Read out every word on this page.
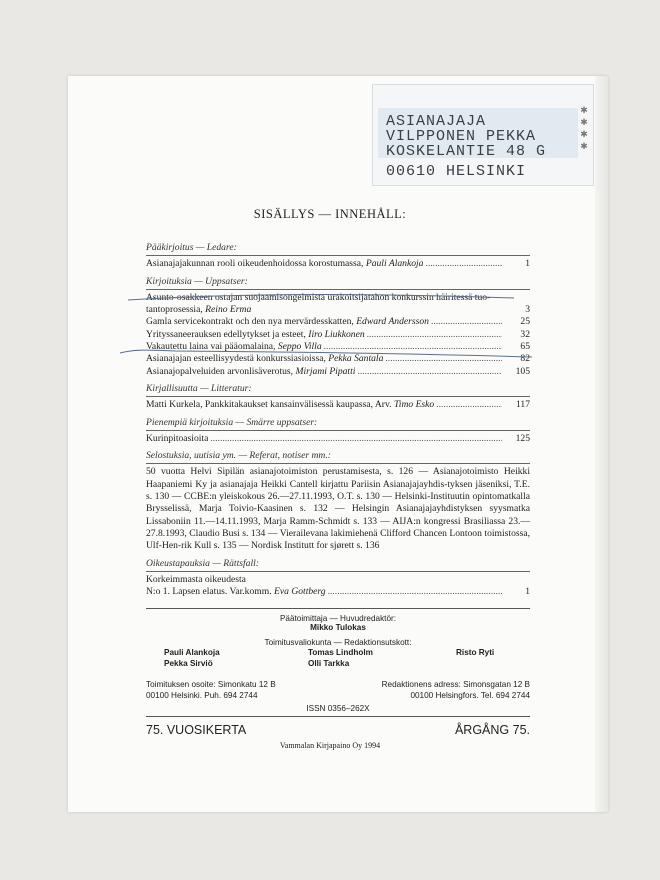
ASIANAJAJA
VILPPONEN PEKKA
KOSKELANTIE 48 G
00610 HELSINKI
✱
✱
✱
✱
SISÄLLYS — INNEHÅLL:
Pääkirjoitus — Ledare:
Asianajajakunnan rooli oikeudenhoidossa korostumassa, Pauli Alankoja .....	1
Kirjoituksia — Uppsatser:
Asunto-osakkeen ostajan suojaamisongelmista urakoitsijatahon konkurssin häiritessä tuo-tantoprosessia, Reino Erma	3
Gamla servicekontrakt och den nya mervärdesskatten, Edward Andersson .....	25
Yrityssaneerauksen edellytykset ja esteet, Iiro Liukkonen .....	32
Vakautettu laina vai pääomalaina, Seppo Villa .....	65
Asianajajan esteellisyydestä konkurssiasioissa, Pekka Santala .....	82
Asianajopalveluiden arvonlisäverotus, Mirjami Pipatti .....	105
Kirjallisuutta — Litteratur:
Matti Kurkela, Pankkitakaukset kansainvälisessä kaupassa, Arv. Timo Esko .....	117
Pienempiä kirjoituksia — Smärre uppsatser:
Kurinpitoasioita .....	125
Selostuksia, uutisia ym. — Referat, notiser mm.:
50 vuotta Helvi Sipilän asianajotoimiston perustamisesta, s. 126 — Asianajotoimisto Heikki Haapaniemi Ky ja asianajaja Heikki Cantell kirjattu Pariisin Asianajajayhdis-tyksen jäseniksi, T.E. s. 130 — CCBE:n yleiskokous 26.—27.11.1993, O.T. s. 130 — Helsinki-Instituutin opintomatkalla Brysselissä, Marja Toivio-Kaasinen s. 132 — Helsingin Asianajajayhdistyksen syysmatka Lissaboniin 11.—14.11.1993, Marja Ramm-Schmidt s. 133 — AIJA:n kongressi Brasiliassa 23.—27.8.1993, Claudio Busi s. 134 — Vierailevana lakimiehenä Clifford Chancen Lontoon toimistossa, Ulf-Hen-rik Kull s. 135 — Nordisk Institutt for sjørett s. 136
Oikeustapauksia — Rättsfall:
Korkeimmasta oikeudesta
N:o 1. Lapsen elatus. Var.komm. Eva Gottberg .....	1
Päätoimittaja — Huvudredaktör:
Mikko Tulokas
Toimitusvaliokunta — Redaktionsutskott:
Pauli Alankoja	Tomas Lindholm	Risto Ryti
Pekka Sirviö	Olli Tarkka
Toimituksen osoite: Simonkatu 12 B
00100 Helsinki. Puh. 694 2744
Redaktionens adress: Simonsgatan 12 B
00100 Helsingfors. Tel. 694 2744
ISSN 0356–262X
75. VUOSIKERTA	ÅRGÅNG 75.
Vammalan Kirjapaino Oy 1994
